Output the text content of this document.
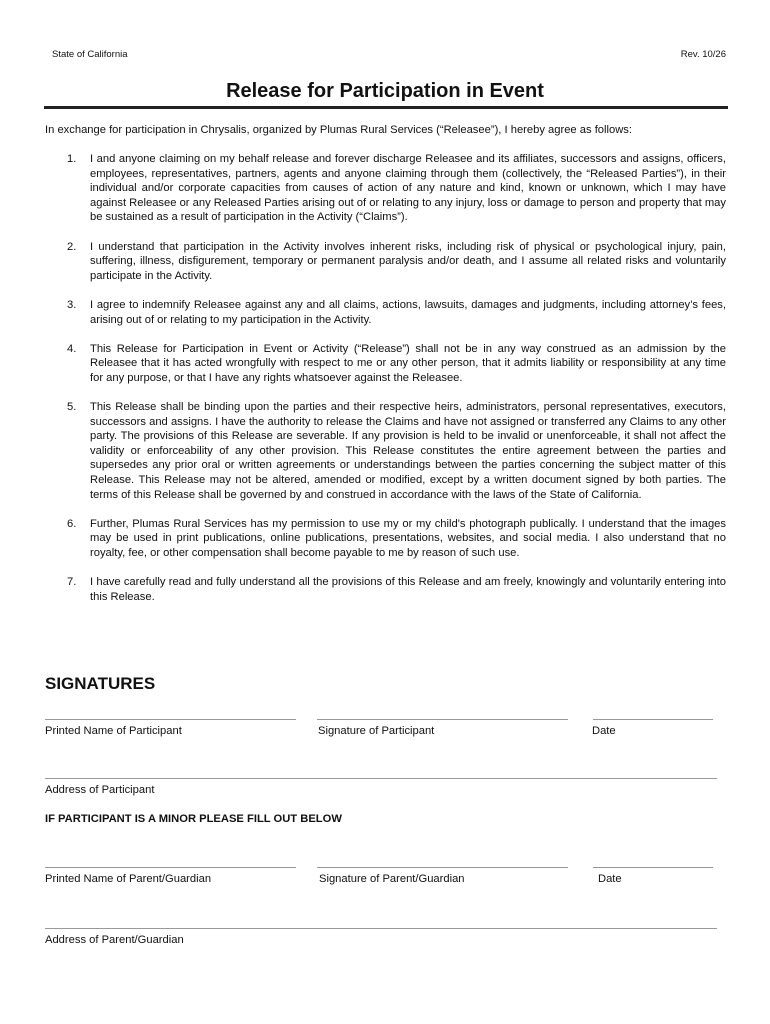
State of California	Rev. 10/26
Release for Participation in Event
In exchange for participation in Chrysalis, organized by Plumas Rural Services (“Releasee”), I hereby agree as follows:
1. I and anyone claiming on my behalf release and forever discharge Releasee and its affiliates, successors and assigns, officers, employees, representatives, partners, agents and anyone claiming through them (collectively, the “Released Parties”), in their individual and/or corporate capacities from causes of action of any nature and kind, known or unknown, which I may have against Releasee or any Released Parties arising out of or relating to any injury, loss or damage to person and property that may be sustained as a result of participation in the Activity (“Claims”).
2. I understand that participation in the Activity involves inherent risks, including risk of physical or psychological injury, pain, suffering, illness, disfigurement, temporary or permanent paralysis and/or death, and I assume all related risks and voluntarily participate in the Activity.
3. I agree to indemnify Releasee against any and all claims, actions, lawsuits, damages and judgments, including attorney’s fees, arising out of or relating to my participation in the Activity.
4. This Release for Participation in Event or Activity (“Release”) shall not be in any way construed as an admission by the Releasee that it has acted wrongfully with respect to me or any other person, that it admits liability or responsibility at any time for any purpose, or that I have any rights whatsoever against the Releasee.
5. This Release shall be binding upon the parties and their respective heirs, administrators, personal representatives, executors, successors and assigns. I have the authority to release the Claims and have not assigned or transferred any Claims to any other party. The provisions of this Release are severable. If any provision is held to be invalid or unenforceable, it shall not affect the validity or enforceability of any other provision. This Release constitutes the entire agreement between the parties and supersedes any prior oral or written agreements or understandings between the parties concerning the subject matter of this Release. This Release may not be altered, amended or modified, except by a written document signed by both parties. The terms of this Release shall be governed by and construed in accordance with the laws of the State of California.
6. Further, Plumas Rural Services has my permission to use my or my child's photograph publically. I understand that the images may be used in print publications, online publications, presentations, websites, and social media. I also understand that no royalty, fee, or other compensation shall become payable to me by reason of such use.
7. I have carefully read and fully understand all the provisions of this Release and am freely, knowingly and voluntarily entering into this Release.
SIGNATURES
Printed Name of Participant	Signature of Participant	Date
Address of Participant
IF PARTICIPANT IS A MINOR PLEASE FILL OUT BELOW
Printed Name of Parent/Guardian	Signature of Parent/Guardian	Date
Address of Parent/Guardian
